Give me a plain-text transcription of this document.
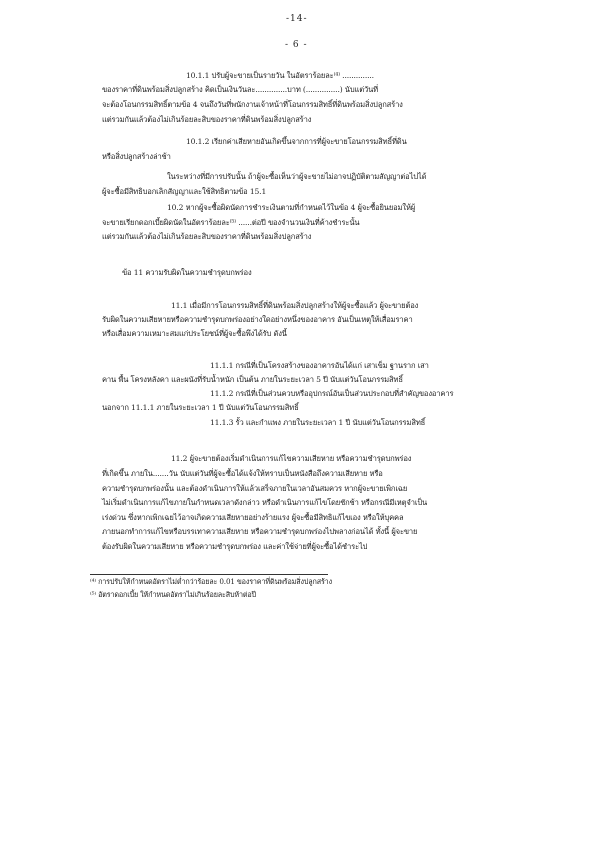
-14-
- 6 -
10.1.1 ปรับผู้จะขายเป็นรายวัน ในอัตราร้อยละ⁽⁴⁾ ..............
ของราคาที่ดินพร้อมสิ่งปลูกสร้าง คิดเป็นเงินวันละ..............บาท (...............) นับแต่วันที่
จะต้องโอนกรรมสิทธิ์ตามข้อ 4 จนถึงวันที่พนักงานเจ้าหน้าที่โอนกรรมสิทธิ์ที่ดินพร้อมสิ่งปลูกสร้าง
แต่รวมกันแล้วต้องไม่เกินร้อยละสิบของราคาที่ดินพร้อมสิ่งปลูกสร้าง
10.1.2 เรียกค่าเสียหายอันเกิดขึ้นจากการที่ผู้จะขายโอนกรรมสิทธิ์ที่ดิน
หรือสิ่งปลูกสร้างล่าช้า
ในระหว่างที่มีการปรับนั้น ถ้าผู้จะซื้อเห็นว่าผู้จะขายไม่อาจปฏิบัติตามสัญญาต่อไปได้
ผู้จะซื้อมีสิทธิบอกเลิกสัญญาและใช้สิทธิตามข้อ 15.1
10.2 หากผู้จะซื้อผิดนัดการชำระเงินตามที่กำหนดไว้ในข้อ 4 ผู้จะซื้อยินยอมให้ผู้
จะขายเรียกดอกเบี้ยผิดนัดในอัตราร้อยละ⁽⁵⁾ ......ต่อปี ของจำนวนเงินที่ค้างชำระนั้น
แต่รวมกันแล้วต้องไม่เกินร้อยละสิบของราคาที่ดินพร้อมสิ่งปลูกสร้าง
ข้อ 11 ความรับผิดในความชำรุดบกพร่อง
11.1 เมื่อมีการโอนกรรมสิทธิ์ที่ดินพร้อมสิ่งปลูกสร้างให้ผู้จะซื้อแล้ว ผู้จะขายต้อง
รับผิดในความเสียหายหรือความชำรุดบกพร่องอย่างใดอย่างหนึ่งของอาคาร อันเป็นเหตุให้เสื่อมราคา
หรือเสื่อมความเหมาะสมแก่ประโยชน์ที่ผู้จะซื้อพึงได้รับ ดังนี้
11.1.1 กรณีที่เป็นโครงสร้างของอาคารอันได้แก่ เสาเข็ม ฐานราก เสา
คาน พื้น โครงหลังคา และผนังที่รับน้ำหนัก เป็นต้น ภายในระยะเวลา 5 ปี นับแต่วันโอนกรรมสิทธิ์
11.1.2 กรณีที่เป็นส่วนควบหรืออุปกรณ์อันเป็นส่วนประกอบที่สำคัญของอาคาร
นอกจาก 11.1.1 ภายในระยะเวลา 1 ปี นับแต่วันโอนกรรมสิทธิ์
11.1.3 รั้ว และกำแพง ภายในระยะเวลา 1 ปี นับแต่วันโอนกรรมสิทธิ์
11.2 ผู้จะขายต้องเริ่มดำเนินการแก้ไขความเสียหาย หรือความชำรุดบกพร่อง
ที่เกิดขึ้น ภายใน.......วัน นับแต่วันที่ผู้จะซื้อได้แจ้งให้ทราบเป็นหนังสือถึงความเสียหาย หรือ
ความชำรุดบกพร่องนั้น และต้องดำเนินการให้แล้วเสร็จภายในเวลาอันสมควร หากผู้จะขายเพิกเฉย
ไม่เริ่มดำเนินการแก้ไขภายในกำหนดเวลาดังกล่าว หรือดำเนินการแก้ไขโดยชักช้า หรือกรณีมีเหตุจำเป็น
เร่งด่วน ซึ่งหากเพิกเฉยไว้อาจเกิดความเสียหายอย่างร้ายแรง ผู้จะซื้อมีสิทธิแก้ไขเอง หรือให้บุคคล
ภายนอกทำการแก้ไขหรือบรรเทาความเสียหาย หรือความชำรุดบกพร่องไปพลางก่อนได้ ทั้งนี้ ผู้จะขาย
ต้องรับผิดในความเสียหาย หรือความชำรุดบกพร่อง และค่าใช้จ่ายที่ผู้จะซื้อได้ชำระไป
⁽⁴⁾ การปรับให้กำหนดอัตราไม่ต่ำกว่าร้อยละ 0.01 ของราคาที่ดินพร้อมสิ่งปลูกสร้าง
⁽⁵⁾ อัตราดอกเบี้ย ให้กำหนดอัตราไม่เกินร้อยละสิบห้าต่อปี
